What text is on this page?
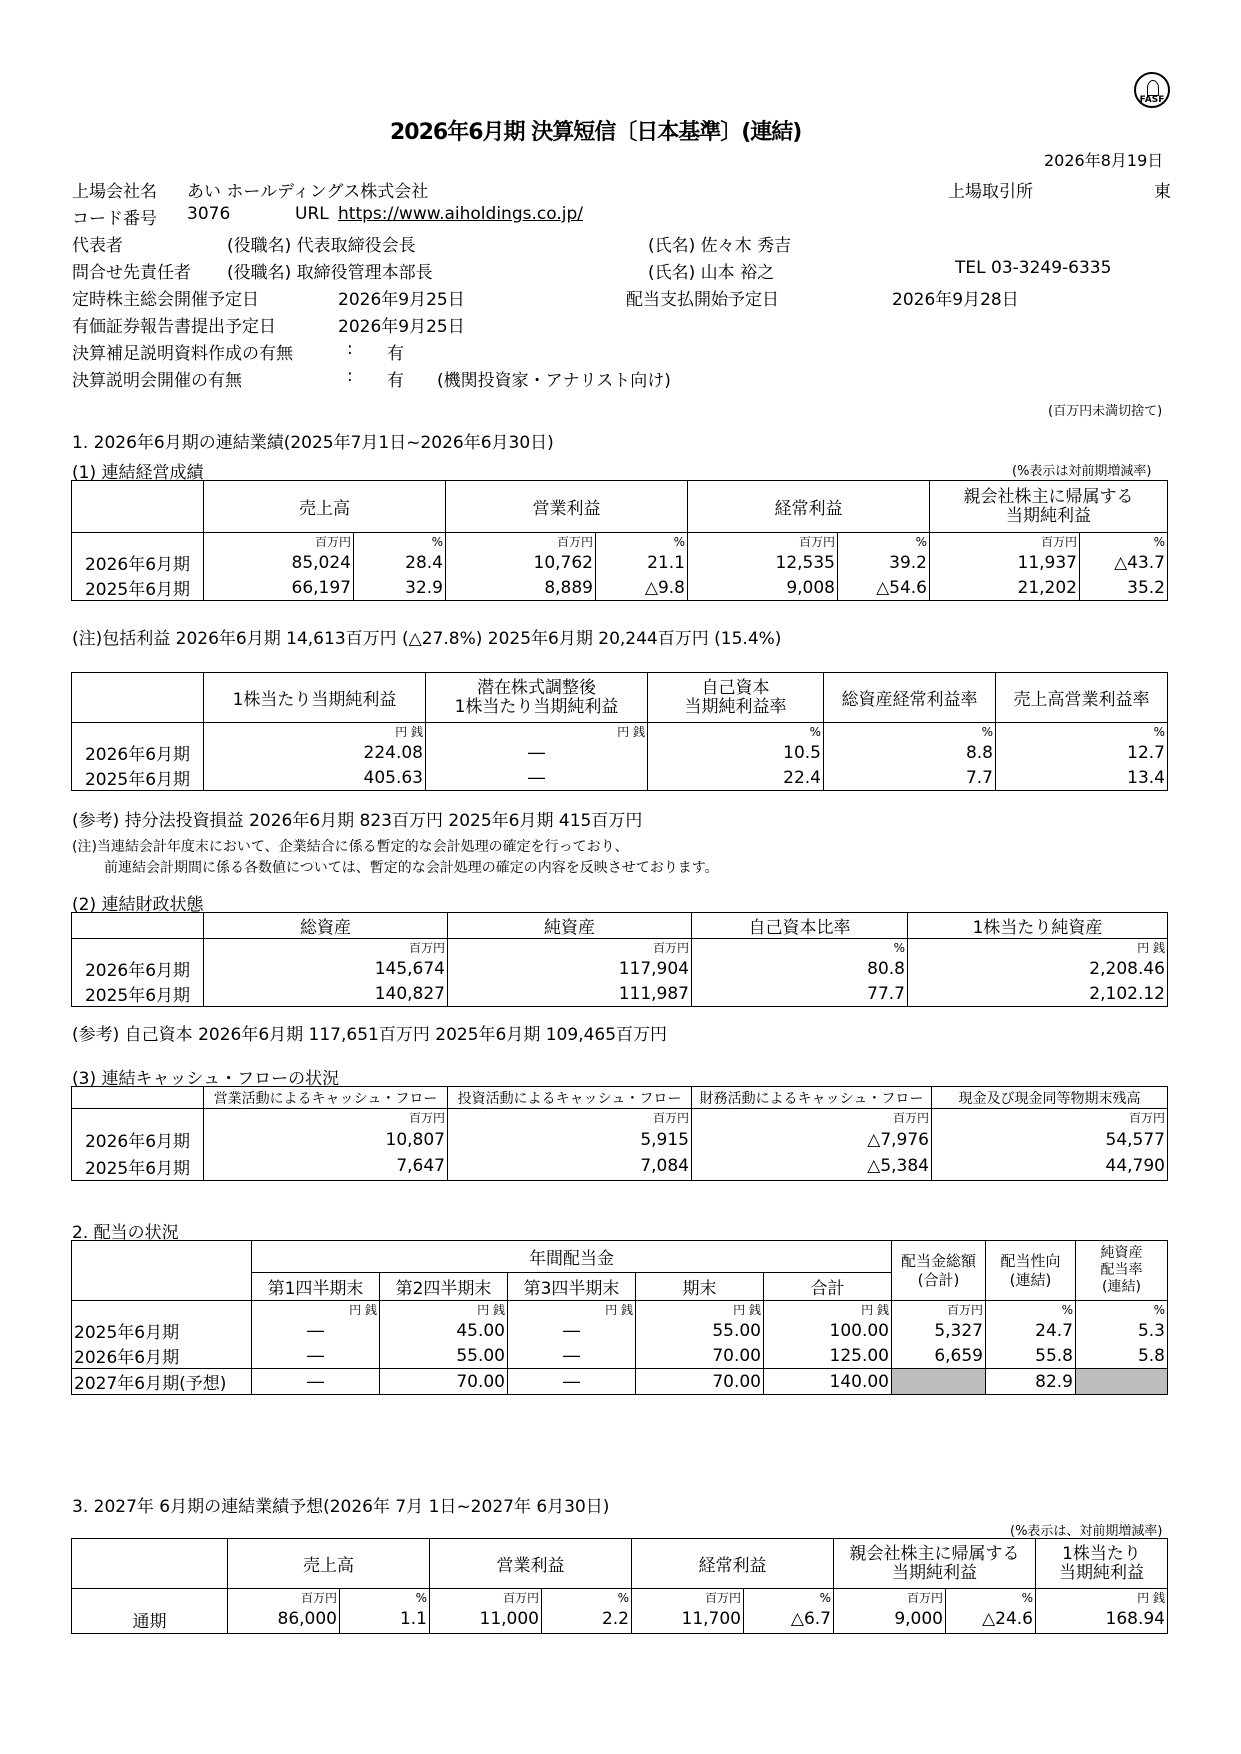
FASF
2026年6月期 決算短信〔日本基準〕(連結)
2026年8月19日
上場会社名 あい ホールディングス株式会社	上場取引所	東
コード番号 3076	URL https://www.aiholdings.co.jp/
代表者	(役職名) 代表取締役会長	(氏名) 佐々木 秀吉
問合せ先責任者 (役職名) 取締役管理本部長	(氏名) 山本 裕之	TEL 03-3249-6335
定時株主総会開催予定日	2026年9月25日	配当支払開始予定日	2026年9月28日
有価証券報告書提出予定日	2026年9月25日
決算補足説明資料作成の有無	: 有
決算説明会開催の有無	: 有 (機関投資家・アナリスト向け)
(百万円未満切捨て)
1. 2026年6月期の連結業績(2025年7月1日~2026年6月30日)
(1) 連結経営成績	(%表示は対前期増減率)
	売上高		営業利益		経常利益		親会社株主に帰属する
当期純利益	
	百万円	%	百万円	%	百万円	%	百万円	%
2026年6月期	85,024	28.4	10,762	21.1	12,535	39.2	11,937	△43.7
2025年6月期	66,197	32.9	8,889	△9.8	9,008	△54.6	21,202	35.2
(注)包括利益 2026年6月期 14,613百万円 (△27.8%) 2025年6月期 20,244百万円 (15.4%)
	1株当たり当期純利益	潜在株式調整後
1株当たり当期純利益	自己資本
当期純利益率	総資産経常利益率	売上高営業利益率
	円 銭	円 銭	%	%	%
2026年6月期	224.08	―	10.5	8.8	12.7
2025年6月期	405.63	―	22.4	7.7	13.4
(参考) 持分法投資損益 2026年6月期 823百万円 2025年6月期 415百万円
(注)当連結会計年度末において、企業結合に係る暫定的な会計処理の確定を行っており、
前連結会計期間に係る各数値については、暫定的な会計処理の確定の内容を反映させております。
(2) 連結財政状態
	総資産	純資産	自己資本比率	1株当たり純資産
	百万円	百万円	%	円 銭
2026年6月期	145,674	117,904	80.8	2,208.46
2025年6月期	140,827	111,987	77.7	2,102.12
(参考) 自己資本 2026年6月期 117,651百万円 2025年6月期 109,465百万円
(3) 連結キャッシュ・フローの状況
	営業活動によるキャッシュ・フロー	投資活動によるキャッシュ・フロー	財務活動によるキャッシュ・フロー	現金及び現金同等物期末残高
	百万円	百万円	百万円	百万円
2026年6月期	10,807	5,915	△7,976	54,577
2025年6月期	7,647	7,084	△5,384	44,790
2. 配当の状況
	年間配当金					配当金総額
(合計)	配当性向
(連結)	純資産
配当率
(連結)
	第1四半期末	第2四半期末	第3四半期末	期末	合計			
	円 銭	円 銭	円 銭	円 銭	円 銭	百万円	%	%
2025年6月期	―	45.00	―	55.00	100.00	5,327	24.7	5.3
2026年6月期	―	55.00	―	70.00	125.00	6,659	55.8	5.8
2027年6月期(予想)	―	70.00	―	70.00	140.00		82.9	
3. 2027年 6月期の連結業績予想(2026年 7月 1日~2027年 6月30日)
(%表示は、対前期増減率)
	売上高		営業利益		経常利益		親会社株主に帰属する
当期純利益		1株当たり
当期純利益
	百万円	%	百万円	%	百万円	%	百万円	%	円 銭
通期	86,000	1.1	11,000	2.2	11,700	△6.7	9,000	△24.6	168.94
